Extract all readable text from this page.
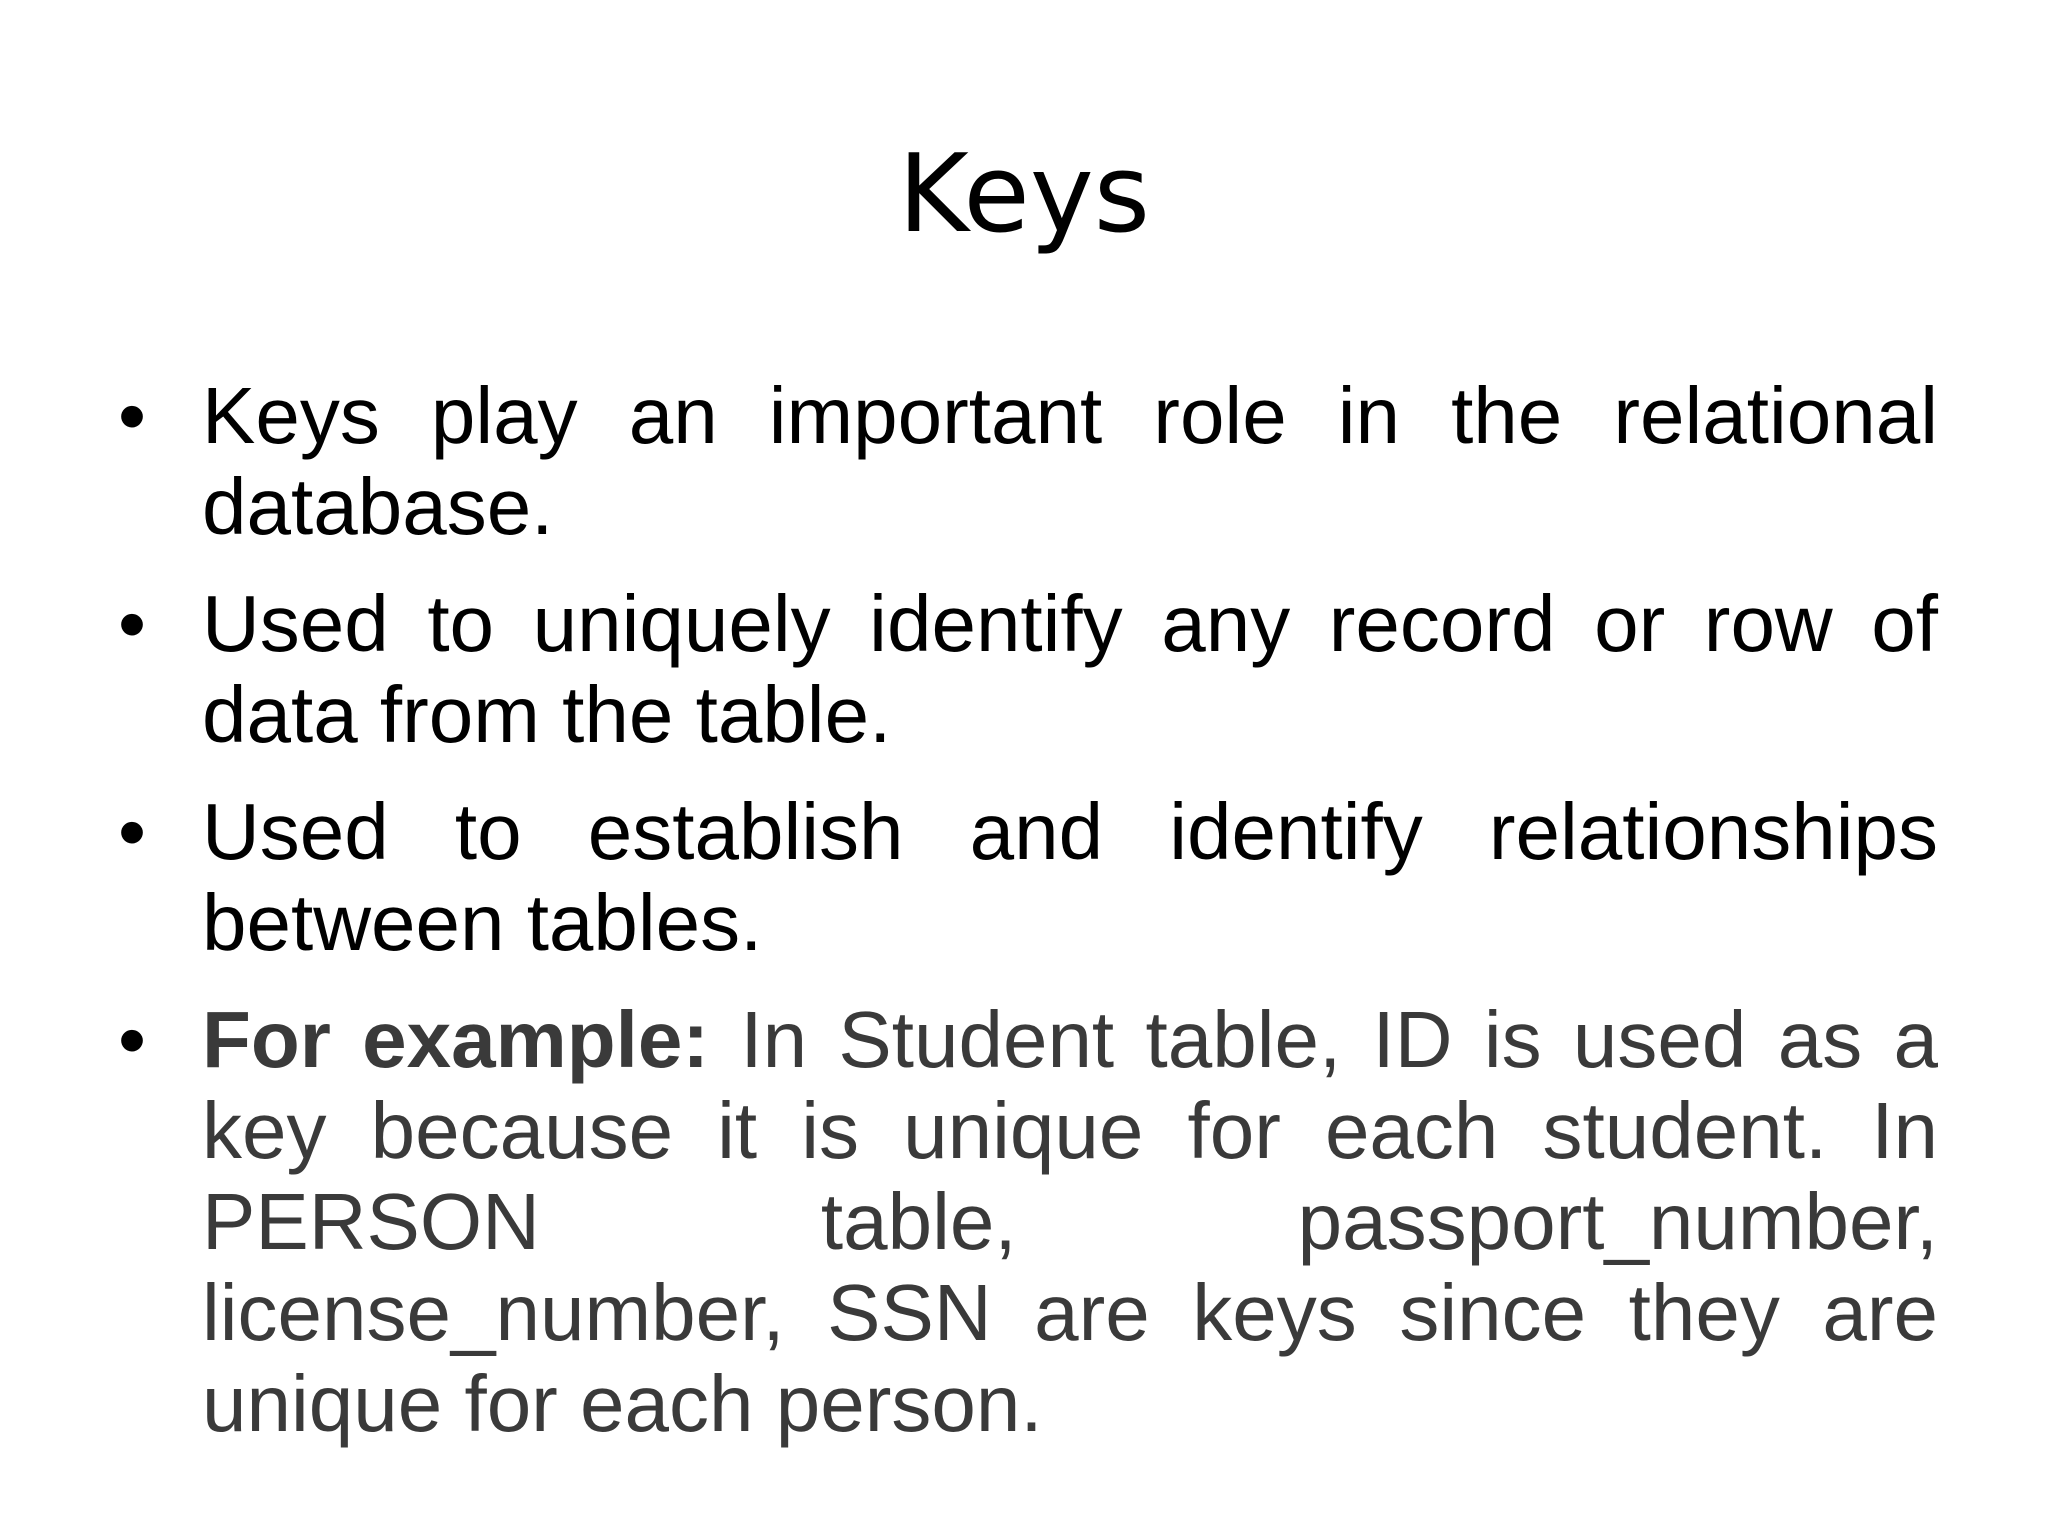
Keys
• Keys play an important role in the relational database.
• Used to uniquely identify any record or row of data from the table.
• Used to establish and identify relationships between tables.
• For example: In Student table, ID is used as a key because it is unique for each student. In PERSON table, passport_number, license_number, SSN are keys since they are unique for each person.
